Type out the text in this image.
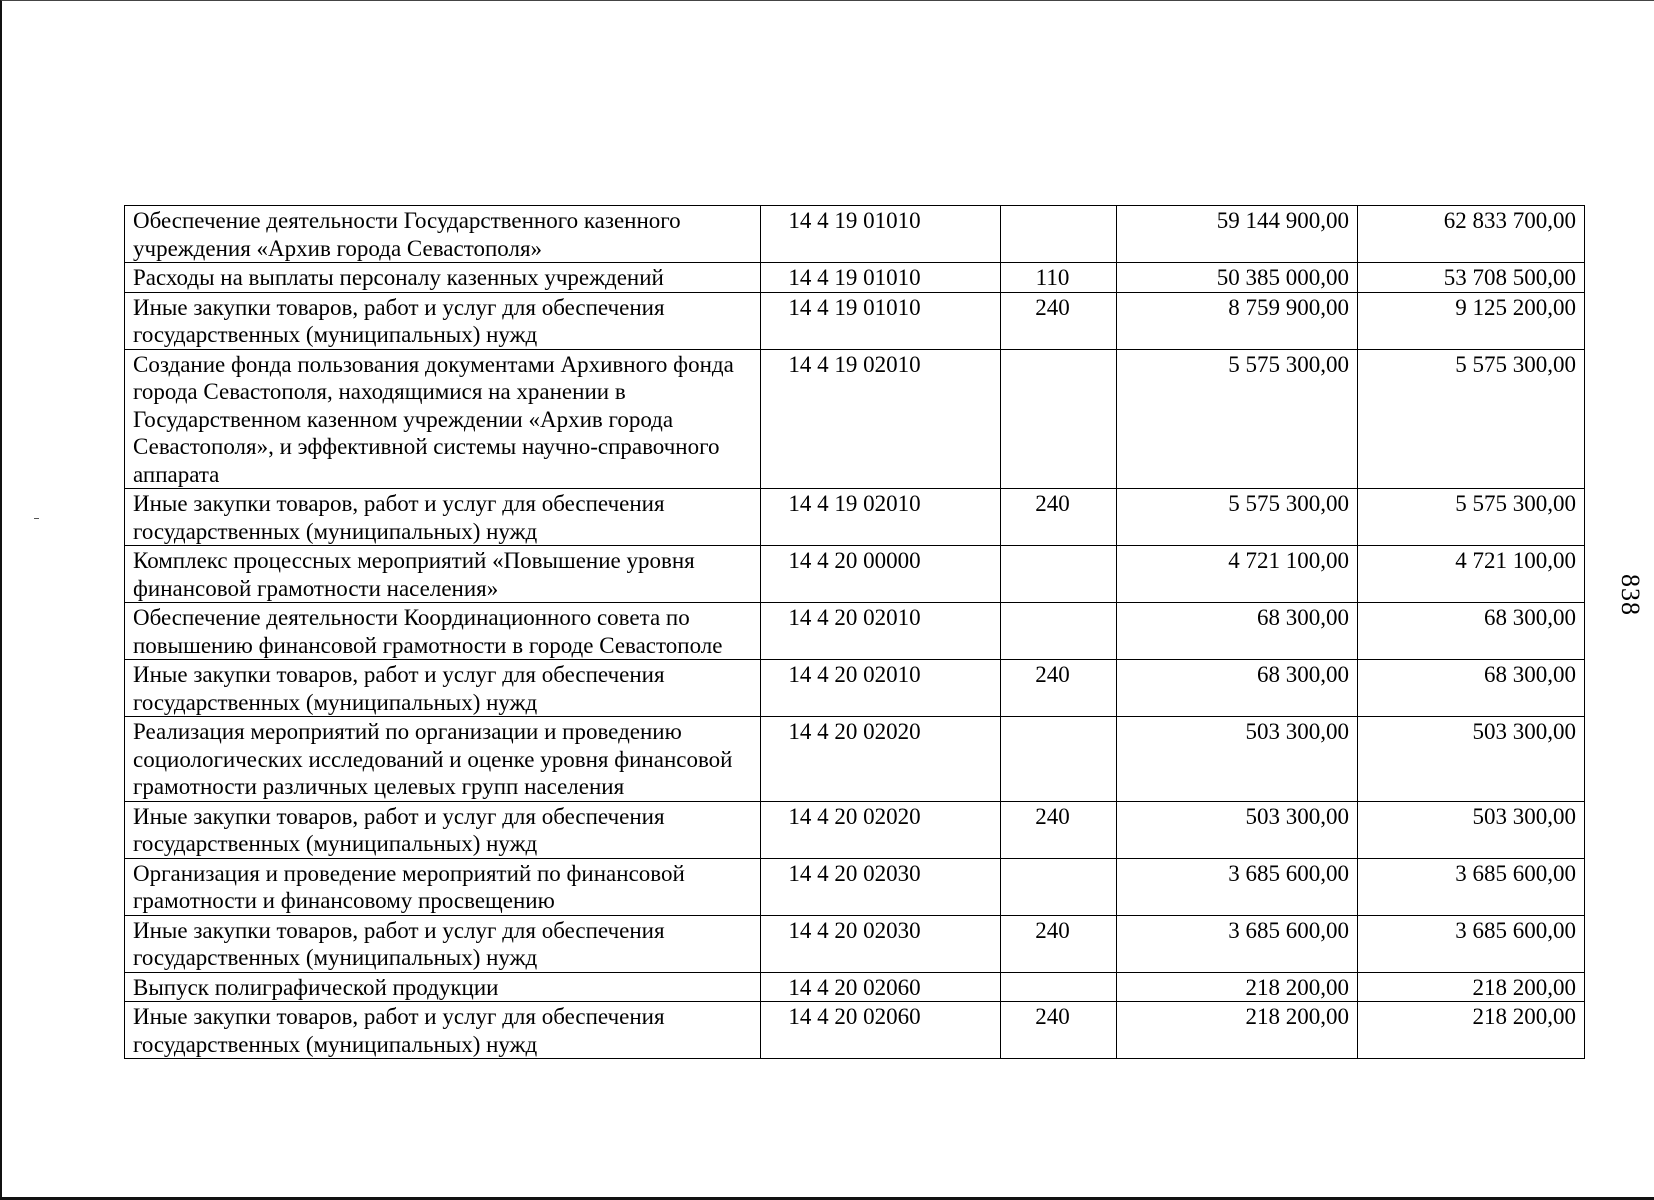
Обеспечение деятельности Государственного казенного учреждения «Архив города Севастополя»	14 4 19 01010		59 144 900,00	62 833 700,00
Расходы на выплаты персоналу казенных учреждений	14 4 19 01010	110	50 385 000,00	53 708 500,00
Иные закупки товаров, работ и услуг для обеспечения государственных (муниципальных) нужд	14 4 19 01010	240	8 759 900,00	9 125 200,00
Создание фонда пользования документами Архивного фонда города Севастополя, находящимися на хранении в Государственном казенном учреждении «Архив города Севастополя», и эффективной системы научно-справочного аппарата	14 4 19 02010		5 575 300,00	5 575 300,00
Иные закупки товаров, работ и услуг для обеспечения государственных (муниципальных) нужд	14 4 19 02010	240	5 575 300,00	5 575 300,00
Комплекс процессных мероприятий «Повышение уровня финансовой грамотности населения»	14 4 20 00000		4 721 100,00	4 721 100,00
Обеспечение деятельности Координационного совета по повышению финансовой грамотности в городе Севастополе	14 4 20 02010		68 300,00	68 300,00
Иные закупки товаров, работ и услуг для обеспечения государственных (муниципальных) нужд	14 4 20 02010	240	68 300,00	68 300,00
Реализация мероприятий по организации и проведению социологических исследований и оценке уровня финансовой грамотности различных целевых групп населения	14 4 20 02020		503 300,00	503 300,00
Иные закупки товаров, работ и услуг для обеспечения государственных (муниципальных) нужд	14 4 20 02020	240	503 300,00	503 300,00
Организация и проведение мероприятий по финансовой грамотности и финансовому просвещению	14 4 20 02030		3 685 600,00	3 685 600,00
Иные закупки товаров, работ и услуг для обеспечения государственных (муниципальных) нужд	14 4 20 02030	240	3 685 600,00	3 685 600,00
Выпуск полиграфической продукции	14 4 20 02060		218 200,00	218 200,00
Иные закупки товаров, работ и услуг для обеспечения государственных (муниципальных) нужд	14 4 20 02060	240	218 200,00	218 200,00
838
